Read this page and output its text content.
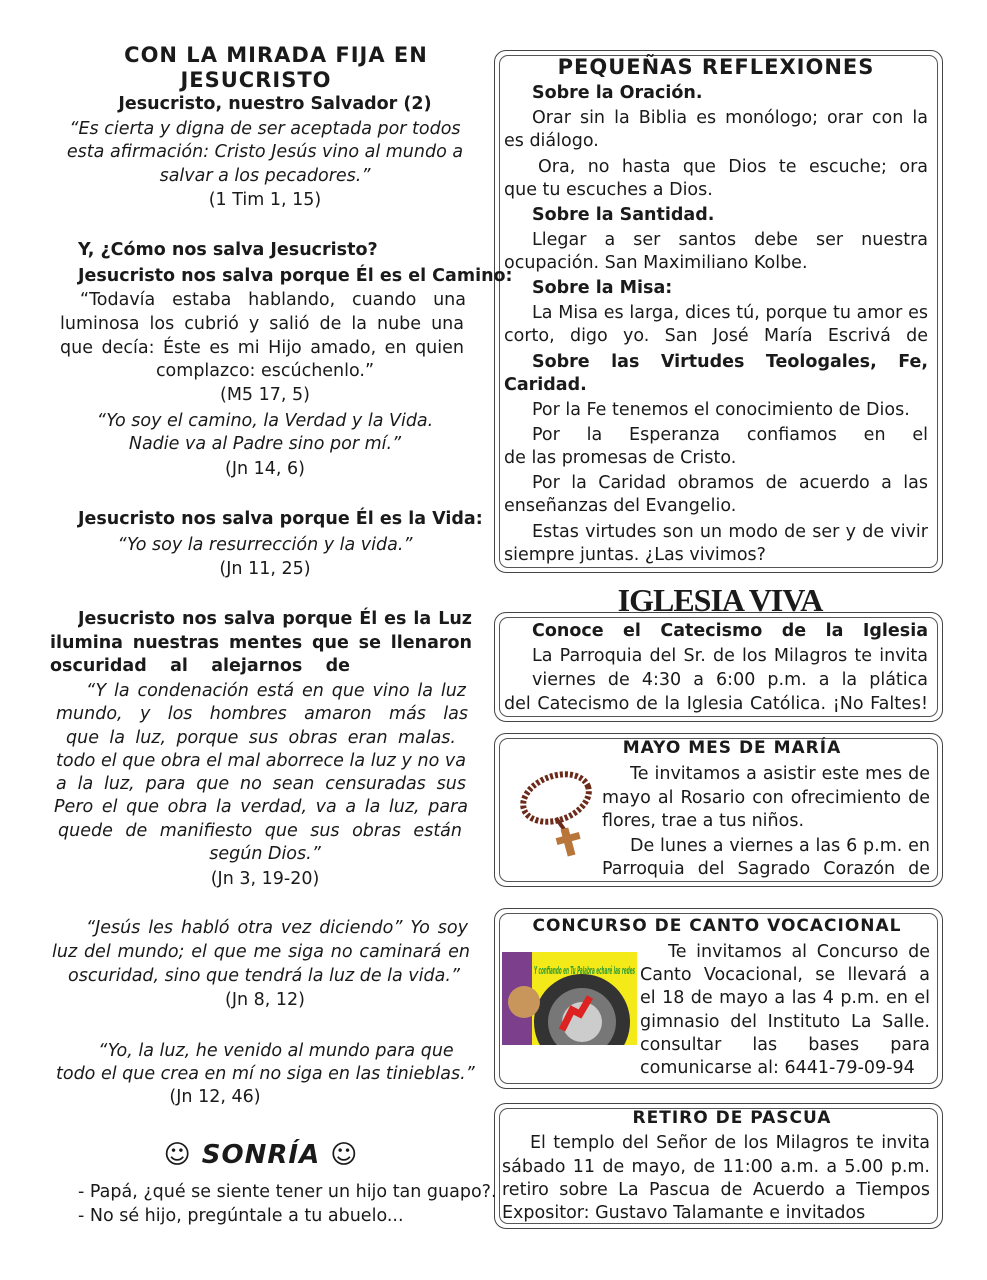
IGLESIA VIVA
Y confiando en Tu Palabra echaré las redes
☺ SONRÍA ☺
CON LA MIRADA FIJA EN
JESUCRISTO
Jesucristo, nuestro Salvador (2)
“Es cierta y digna de ser aceptada por todos
esta afirmación: Cristo Jesús vino al mundo a
salvar a los pecadores.”
(1 Tim 1, 15)
Y, ¿Cómo nos salva Jesucristo?
Jesucristo nos salva porque Él es el Camino:
“Todavía estaba hablando, cuando una
luminosa los cubrió y salió de la nube una
que decía: Éste es mi Hijo amado, en quien
complazco: escúchenlo.”
(M5 17, 5)
“Yo soy el camino, la Verdad y la Vida.
Nadie va al Padre sino por mí.”
(Jn 14, 6)
Jesucristo nos salva porque Él es la Vida:
“Yo soy la resurrección y la vida.”
(Jn 11, 25)
Jesucristo nos salva porque Él es la Luz
ilumina nuestras mentes que se llenaron
oscuridad al alejarnos de
“Y la condenación está en que vino la luz
mundo, y los hombres amaron más las
que la luz, porque sus obras eran malas.
todo el que obra el mal aborrece la luz y no va
a la luz, para que no sean censuradas sus
Pero el que obra la verdad, va a la luz, para
quede de manifiesto que sus obras están
según Dios.”
(Jn 3, 19-20)
“Jesús les habló otra vez diciendo” Yo soy
luz del mundo; el que me siga no caminará en
oscuridad, sino que tendrá la luz de la vida.”
(Jn 8, 12)
“Yo, la luz, he venido al mundo para que
todo el que crea en mí no siga en las tinieblas.”
(Jn 12, 46)
- Papá, ¿qué se siente tener un hijo tan guapo?.
- No sé hijo, pregúntale a tu abuelo...
PEQUEÑAS REFLEXIONES
Sobre la Oración.
Orar sin la Biblia es monólogo; orar con la
es diálogo.
Ora, no hasta que Dios te escuche; ora
que tu escuches a Dios.
Sobre la Santidad.
Llegar a ser santos debe ser nuestra
ocupación. San Maximiliano Kolbe.
Sobre la Misa:
La Misa es larga, dices tú, porque tu amor es
corto, digo yo. San José María Escrivá de
Sobre las Virtudes Teologales, Fe,
Caridad.
Por la Fe tenemos el conocimiento de Dios.
Por la Esperanza confiamos en el
de las promesas de Cristo.
Por la Caridad obramos de acuerdo a las
enseñanzas del Evangelio.
Estas virtudes son un modo de ser y de vivir
siempre juntas. ¿Las vivimos?
Conoce el Catecismo de la Iglesia
La Parroquia del Sr. de los Milagros te invita
viernes de 4:30 a 6:00 p.m. a la plática
del Catecismo de la Iglesia Católica. ¡No Faltes!
MAYO MES DE MARÍA
Te invitamos a asistir este mes de
mayo al Rosario con ofrecimiento de
flores, trae a tus niños.
De lunes a viernes a las 6 p.m. en
Parroquia del Sagrado Corazón de
CONCURSO DE CANTO VOCACIONAL
Te invitamos al Concurso de
Canto Vocacional, se llevará a
el 18 de mayo a las 4 p.m. en el
gimnasio del Instituto La Salle.
consultar las bases para
comunicarse al: 6441-79-09-94
RETIRO DE PASCUA
El templo del Señor de los Milagros te invita
sábado 11 de mayo, de 11:00 a.m. a 5.00 p.m.
retiro sobre La Pascua de Acuerdo a Tiempos
Expositor: Gustavo Talamante e invitados
